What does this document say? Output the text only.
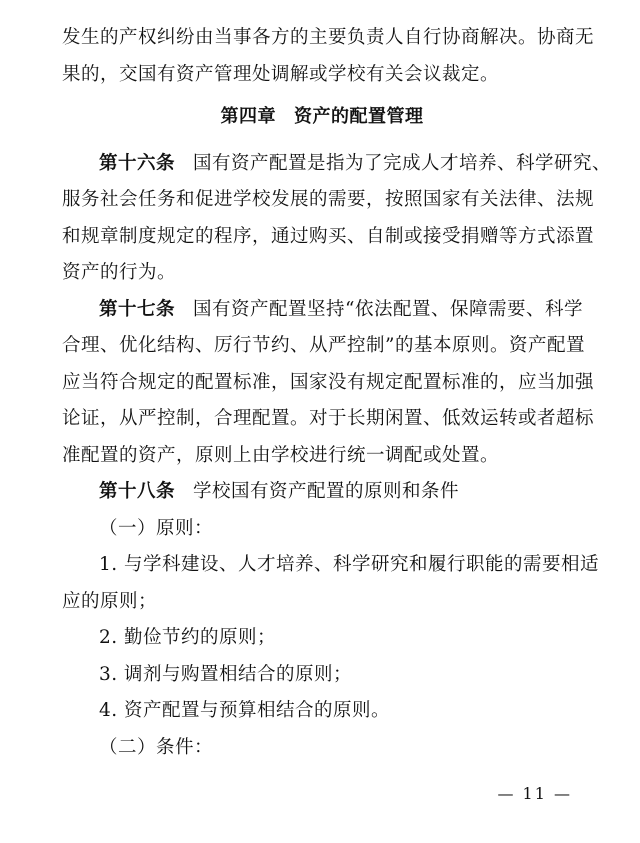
发生的产权纠纷由当事各方的主要负责人自行协商解决。协商无
果的，交国有资产管理处调解或学校有关会议裁定。
第四章 资产的配置管理
第十六条 国有资产配置是指为了完成人才培养、科学研究、
服务社会任务和促进学校发展的需要，按照国家有关法律、法规
和规章制度规定的程序，通过购买、自制或接受捐赠等方式添置
资产的行为。
第十七条 国有资产配置坚持“依法配置、保障需要、科学
合理、优化结构、厉行节约、从严控制”的基本原则。资产配置
应当符合规定的配置标准，国家没有规定配置标准的，应当加强
论证，从严控制，合理配置。对于长期闲置、低效运转或者超标
准配置的资产，原则上由学校进行统一调配或处置。
第十八条 学校国有资产配置的原则和条件
（一）原则：
1. 与学科建设、人才培养、科学研究和履行职能的需要相适
应的原则；
2. 勤俭节约的原则；
3. 调剂与购置相结合的原则；
4. 资产配置与预算相结合的原则。
（二）条件：
— 11 —
